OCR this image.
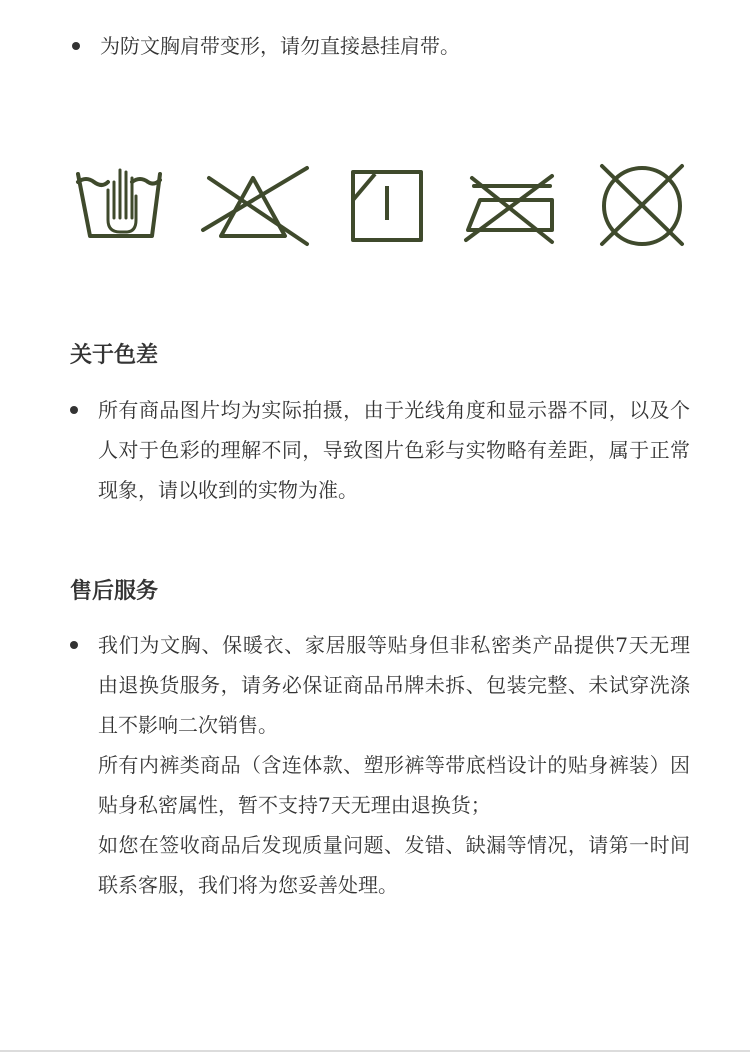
为防文胸肩带变形，请勿直接悬挂肩带。
关于色差

所有商品图片均为实际拍摄，由于光线角度和显示器不同，以及个人对于色彩的理解不同，导致图片色彩与实物略有差距，属于正常现象，请以收到的实物为准。

售后服务

我们为文胸、保暖衣、家居服等贴身但非私密类产品提供7天无理由退换货服务，请务必保证商品吊牌未拆、包装完整、未试穿洗涤且不影响二次销售。

所有内裤类商品（含连体款、塑形裤等带底档设计的贴身裤装）因贴身私密属性，暂不支持7天无理由退换货；

如您在签收商品后发现质量问题、发错、缺漏等情况，请第一时间联系客服，我们将为您妥善处理。
